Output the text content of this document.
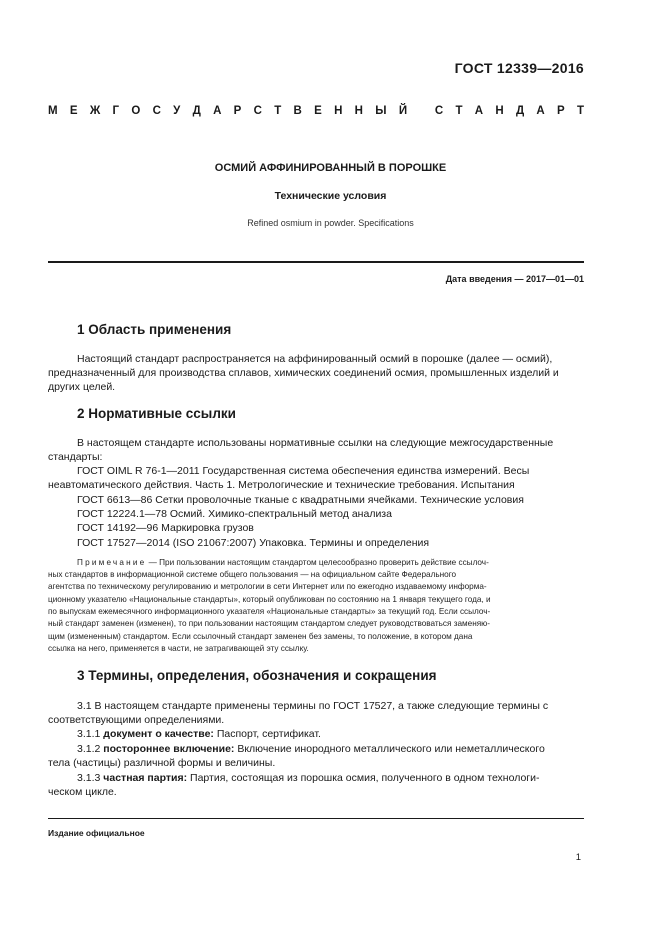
ГОСТ 12339—2016
М Е Ж Г О С У Д А Р С Т В Е Н Н Ы Й
С Т А Н Д А Р Т
ОСМИЙ АФФИНИРОВАННЫЙ В ПОРОШКЕ
Технические условия
Refined osmium in powder. Specifications
Дата введения — 2017—01—01
1 Область применения
Настоящий стандарт распространяется на аффинированный осмий в порошке (далее — осмий),
предназначенный для производства сплавов, химических соединений осмия, промышленных изделий и
других целей.
2 Нормативные ссылки
В настоящем стандарте использованы нормативные ссылки на следующие межгосударственные
стандарты:
ГОСТ OIML R 76-1—2011 Государственная система обеспечения единства измерений. Весы
неавтоматического действия. Часть 1. Метрологические и технические требования. Испытания
ГОСТ 6613—86 Сетки проволочные тканые с квадратными ячейками. Технические условия
ГОСТ 12224.1—78 Осмий. Химико-спектральный метод анализа
ГОСТ 14192—96 Маркировка грузов
ГОСТ 17527—2014 (ISO 21067:2007) Упаковка. Термины и определения
Примечание — При пользовании настоящим стандартом целесообразно проверить действие ссылоч-
ных стандартов в информационной системе общего пользования — на официальном сайте Федерального
агентства по техническому регулированию и метрологии в сети Интернет или по ежегодно издаваемому информа-
ционному указателю «Национальные стандарты», который опубликован по состоянию на 1 января текущего года, и
по выпускам ежемесячного информационного указателя «Национальные стандарты» за текущий год. Если ссылоч-
ный стандарт заменен (изменен), то при пользовании настоящим стандартом следует руководствоваться заменяю-
щим (измененным) стандартом. Если ссылочный стандарт заменен без замены, то положение, в котором дана
ссылка на него, применяется в части, не затрагивающей эту ссылку.
3 Термины, определения, обозначения и сокращения
3.1 В настоящем стандарте применены термины по ГОСТ 17527, а также следующие термины с
соответствующими определениями.
3.1.1 документ о качестве: Паспорт, сертификат.
3.1.2 постороннее включение: Включение инородного металлического или неметаллического
тела (частицы) различной формы и величины.
3.1.3 частная партия: Партия, состоящая из порошка осмия, полученного в одном технологи-
ческом цикле.
Издание официальное
1
